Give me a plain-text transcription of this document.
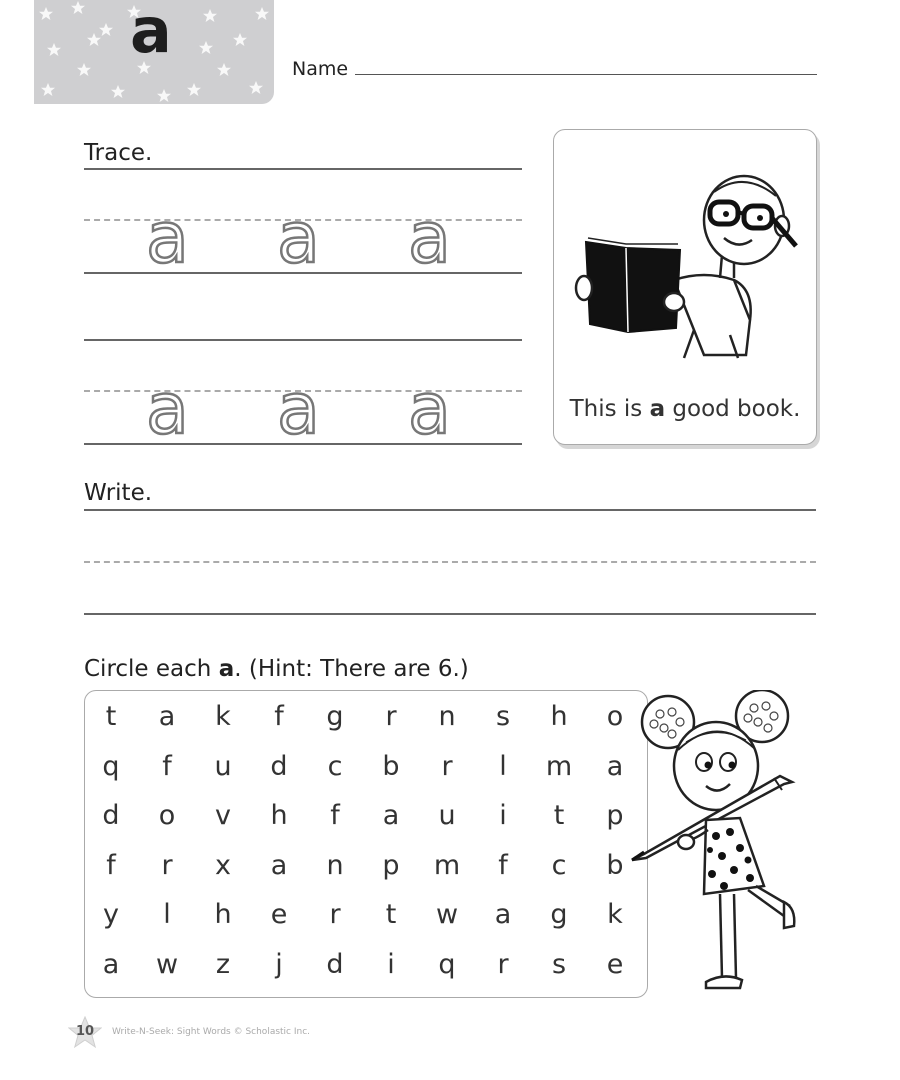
a
Name
Trace.
a a a
a a a	This is a good book.
Write.
Circle each a. (Hint: There are 6.)
t	a	k	f	g	r	n	s	h	o
q	f	u	d	c	b	r	l	m	a
d	o	v	h	f	a	u	i	t	p
f	r	x	a	n	p	m	f	c	b
y	l	h	e	r	t	w	a	g	k
a	w	z	j	d	i	q	r	s	e
10	Write-N-Seek: Sight Words © Scholastic Inc.
